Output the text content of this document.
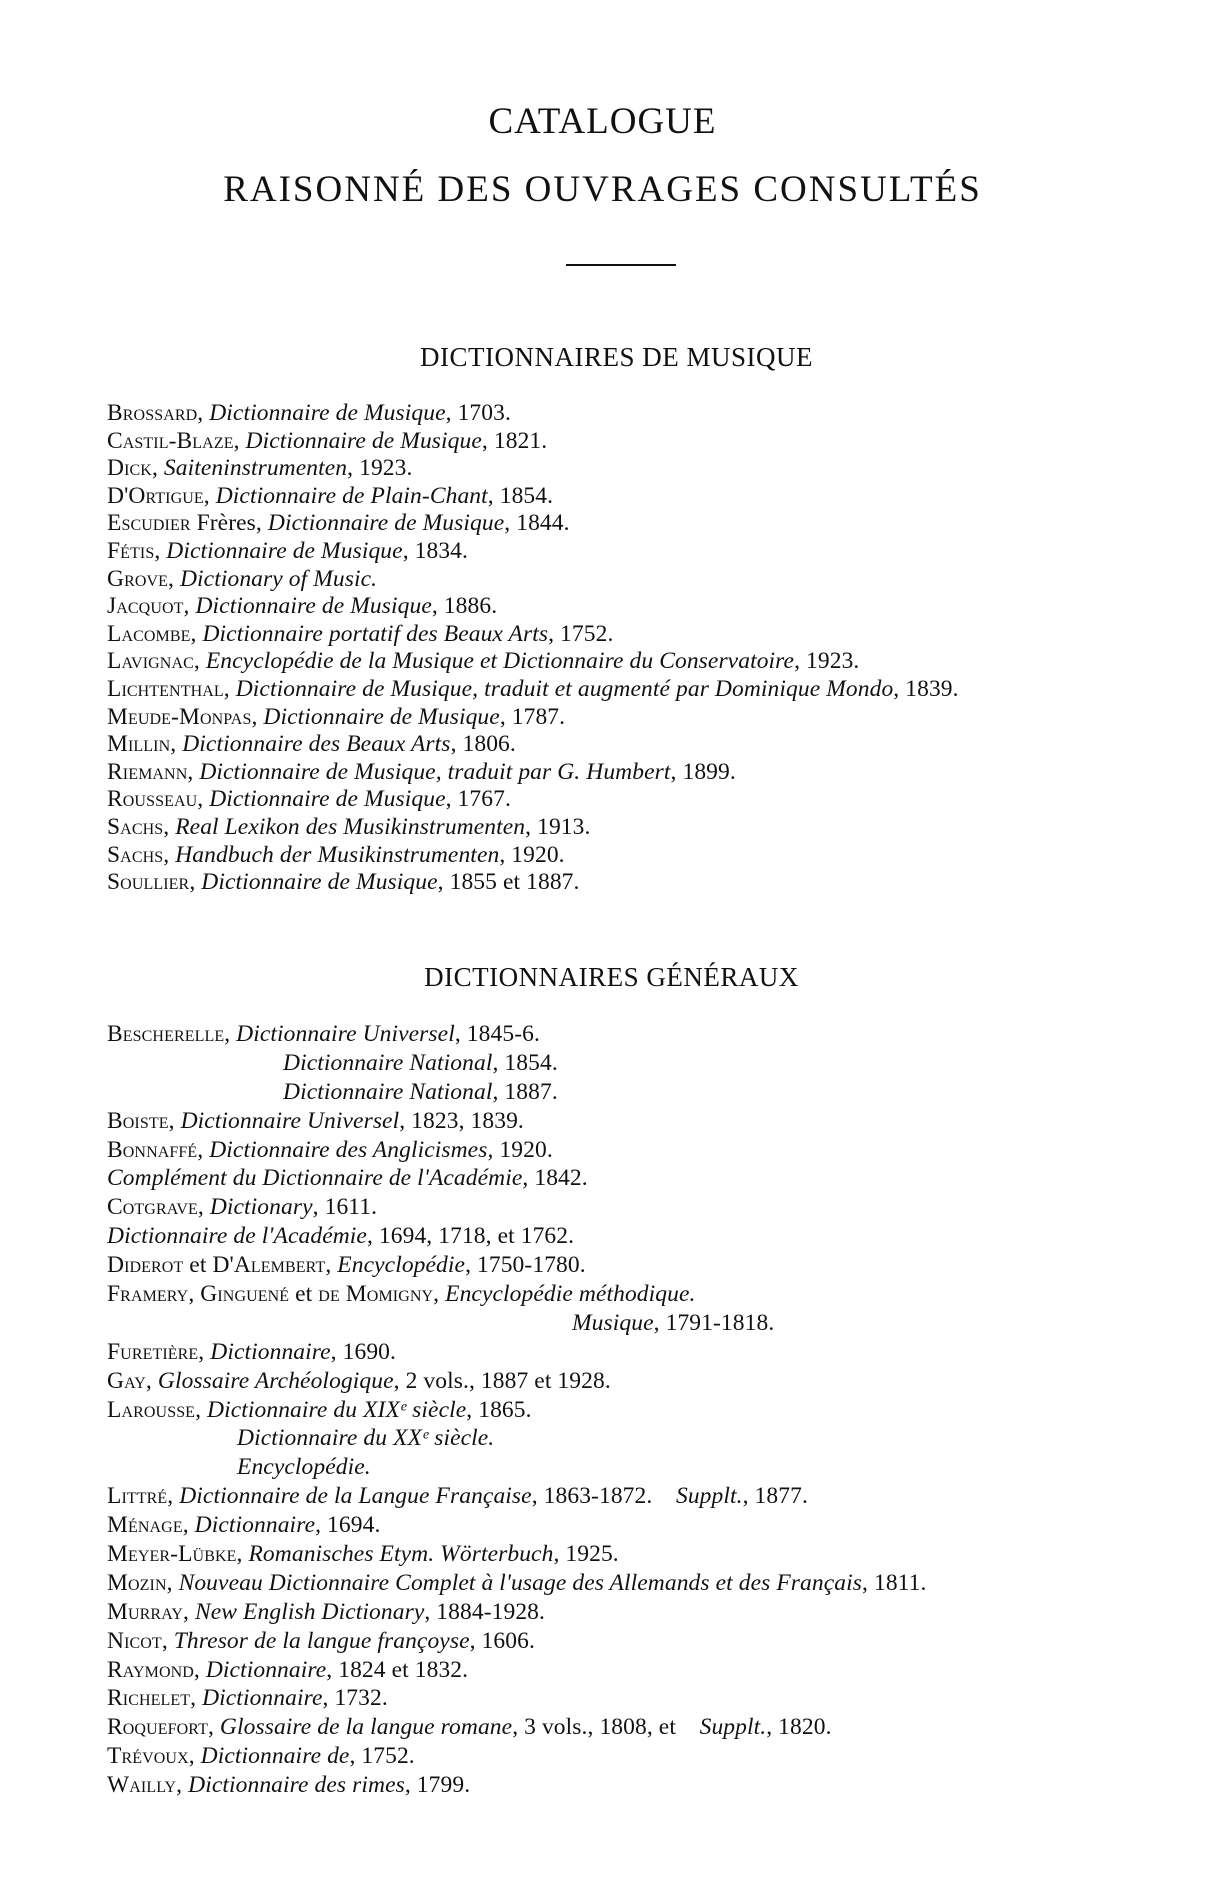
CATALOGUE
RAISONNÉ DES OUVRAGES CONSULTÉS
DICTIONNAIRES DE MUSIQUE
Brossard, Dictionnaire de Musique, 1703.
Castil-Blaze, Dictionnaire de Musique, 1821.
Dick, Saiteninstrumenten, 1923.
D'Ortigue, Dictionnaire de Plain-Chant, 1854.
Escudier Frères, Dictionnaire de Musique, 1844.
Fétis, Dictionnaire de Musique, 1834.
Grove, Dictionary of Music.
Jacquot, Dictionnaire de Musique, 1886.
Lacombe, Dictionnaire portatif des Beaux Arts, 1752.
Lavignac, Encyclopédie de la Musique et Dictionnaire du Conservatoire, 1923.
Lichtenthal, Dictionnaire de Musique, traduit et augmenté par Dominique Mondo, 1839.
Meude-Monpas, Dictionnaire de Musique, 1787.
Millin, Dictionnaire des Beaux Arts, 1806.
Riemann, Dictionnaire de Musique, traduit par G. Humbert, 1899.
Rousseau, Dictionnaire de Musique, 1767.
Sachs, Real Lexikon des Musikinstrumenten, 1913.
Sachs, Handbuch der Musikinstrumenten, 1920.
Soullier, Dictionnaire de Musique, 1855 et 1887.
DICTIONNAIRES GÉNÉRAUX
Bescherelle, Dictionnaire Universel, 1845-6.
Dictionnaire National, 1854.
Dictionnaire National, 1887.
Boiste, Dictionnaire Universel, 1823, 1839.
Bonnaffé, Dictionnaire des Anglicismes, 1920.
Complément du Dictionnaire de l'Académie, 1842.
Cotgrave, Dictionary, 1611.
Dictionnaire de l'Académie, 1694, 1718, et 1762.
Diderot et D'Alembert, Encyclopédie, 1750-1780.
Framery, Ginguené et de Momigny, Encyclopédie méthodique.
Musique, 1791-1818.
Furetière, Dictionnaire, 1690.
Gay, Glossaire Archéologique, 2 vols., 1887 et 1928.
Larousse, Dictionnaire du XIXᵉ siècle, 1865.
Dictionnaire du XXᵉ siècle.
Encyclopédie.
Littré, Dictionnaire de la Langue Française, 1863-1872.  Supplt., 1877.
Ménage, Dictionnaire, 1694.
Meyer-Lübke, Romanisches Etym. Wörterbuch, 1925.
Mozin, Nouveau Dictionnaire Complet à l'usage des Allemands et des Français, 1811.
Murray, New English Dictionary, 1884-1928.
Nicot, Thresor de la langue françoyse, 1606.
Raymond, Dictionnaire, 1824 et 1832.
Richelet, Dictionnaire, 1732.
Roquefort, Glossaire de la langue romane, 3 vols., 1808, et  Supplt., 1820.
Trévoux, Dictionnaire de, 1752.
Wailly, Dictionnaire des rimes, 1799.
